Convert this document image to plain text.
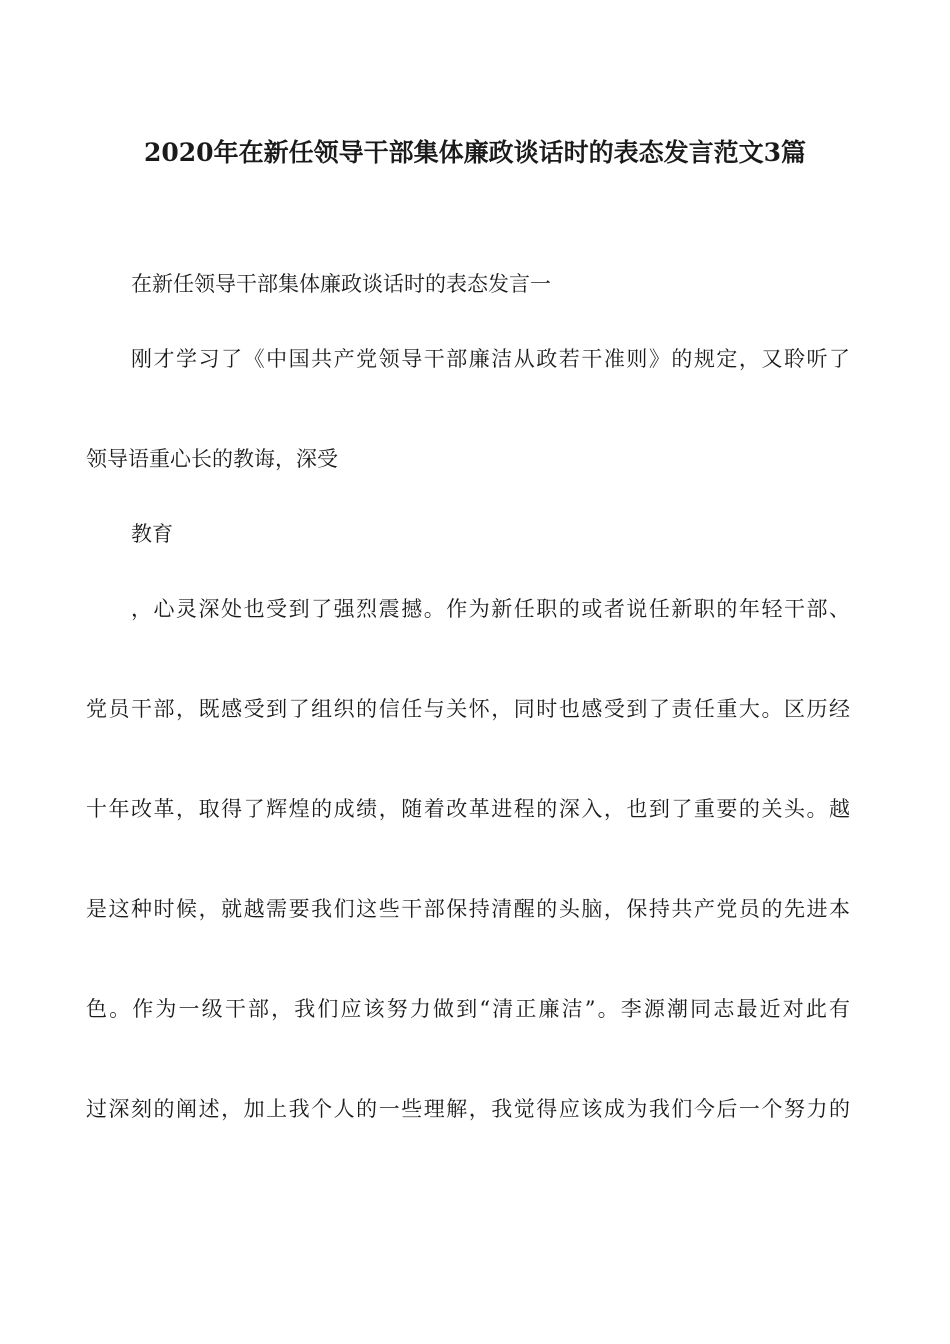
2020年在新任领导干部集体廉政谈话时的表态发言范文3篇
在新任领导干部集体廉政谈话时的表态发言一
刚才学习了《中国共产党领导干部廉洁从政若干准则》的规定，又聆听了
领导语重心长的教诲，深受
教育
，心灵深处也受到了强烈震撼。作为新任职的或者说任新职的年轻干部、
党员干部，既感受到了组织的信任与关怀，同时也感受到了责任重大。区历经
十年改革，取得了辉煌的成绩，随着改革进程的深入，也到了重要的关头。越
是这种时候，就越需要我们这些干部保持清醒的头脑，保持共产党员的先进本
色。作为一级干部，我们应该努力做到“清正廉洁”。李源潮同志最近对此有
过深刻的阐述，加上我个人的一些理解，我觉得应该成为我们今后一个努力的
